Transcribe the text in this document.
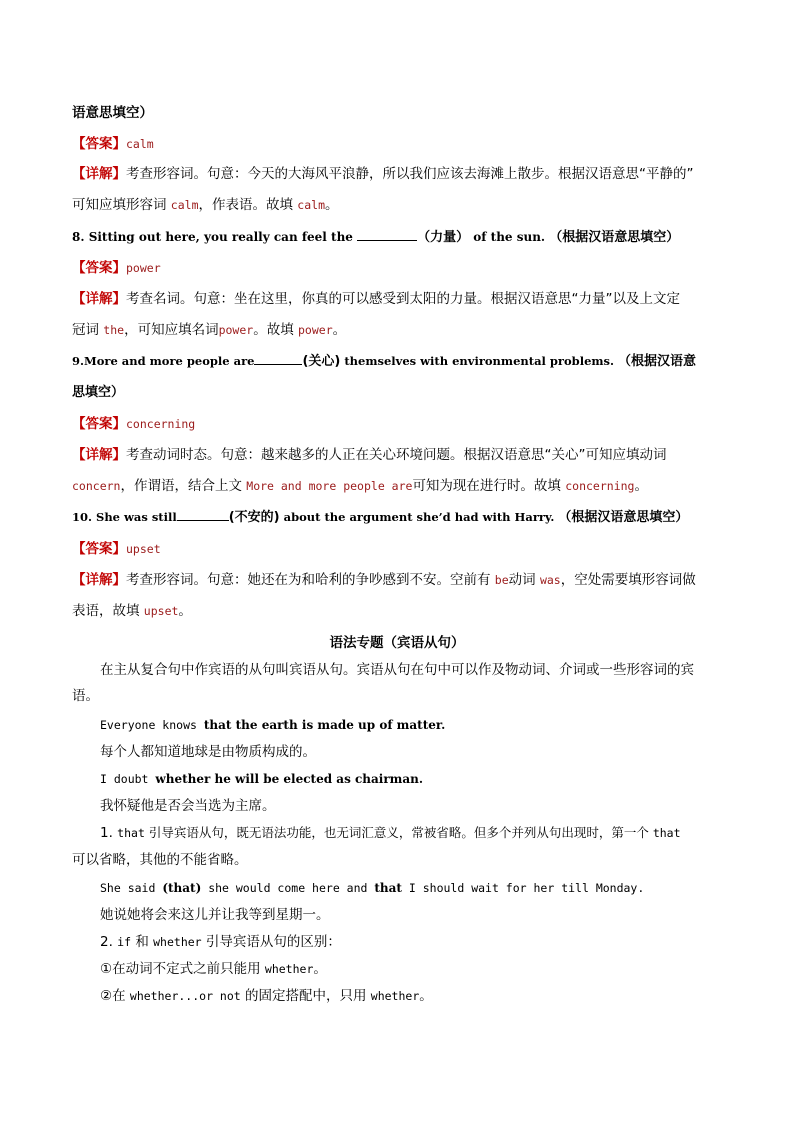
语意思填空）
【答案】calm
【详解】考查形容词。句意：今天的大海风平浪静，所以我们应该去海滩上散步。根据汉语意思“平静的”
可知应填形容词 calm，作表语。故填 calm。
8. Sitting out here, you really can feel the	（力量） of the sun. （根据汉语意思填空）
【答案】power
【详解】考查名词。句意：坐在这里，你真的可以感受到太阳的力量。根据汉语意思“力量”以及上文定
冠词 the，可知应填名词power。故填 power。
9.More and more people are	(关心) themselves with environmental problems. （根据汉语意
思填空）
【答案】concerning
【详解】考查动词时态。句意：越来越多的人正在关心环境问题。根据汉语意思“关心”可知应填动词
concern，作谓语，结合上文 More and more people are可知为现在进行时。故填 concerning。
10. She was still	(不安的) about the argument she’d had with Harry. （根据汉语意思填空）
【答案】upset
【详解】考查形容词。句意：她还在为和哈利的争吵感到不安。空前有 be动词 was，空处需要填形容词做
表语，故填 upset。
语法专题（宾语从句）
在主从复合句中作宾语的从句叫宾语从句。宾语从句在句中可以作及物动词、介词或一些形容词的宾
语。
Everyone knows that the earth is made up of matter.
每个人都知道地球是由物质构成的。
I doubt whether he will be elected as chairman.
我怀疑他是否会当选为主席。
1. that 引导宾语从句，既无语法功能，也无词汇意义，常被省略。但多个并列从句出现时，第一个 that
可以省略，其他的不能省略。
She said (that) she would come here and that I should wait for her till Monday.
她说她将会来这儿并让我等到星期一。
2. if 和 whether 引导宾语从句的区别：
①在动词不定式之前只能用 whether。
②在 whether...or not 的固定搭配中，只用 whether。
